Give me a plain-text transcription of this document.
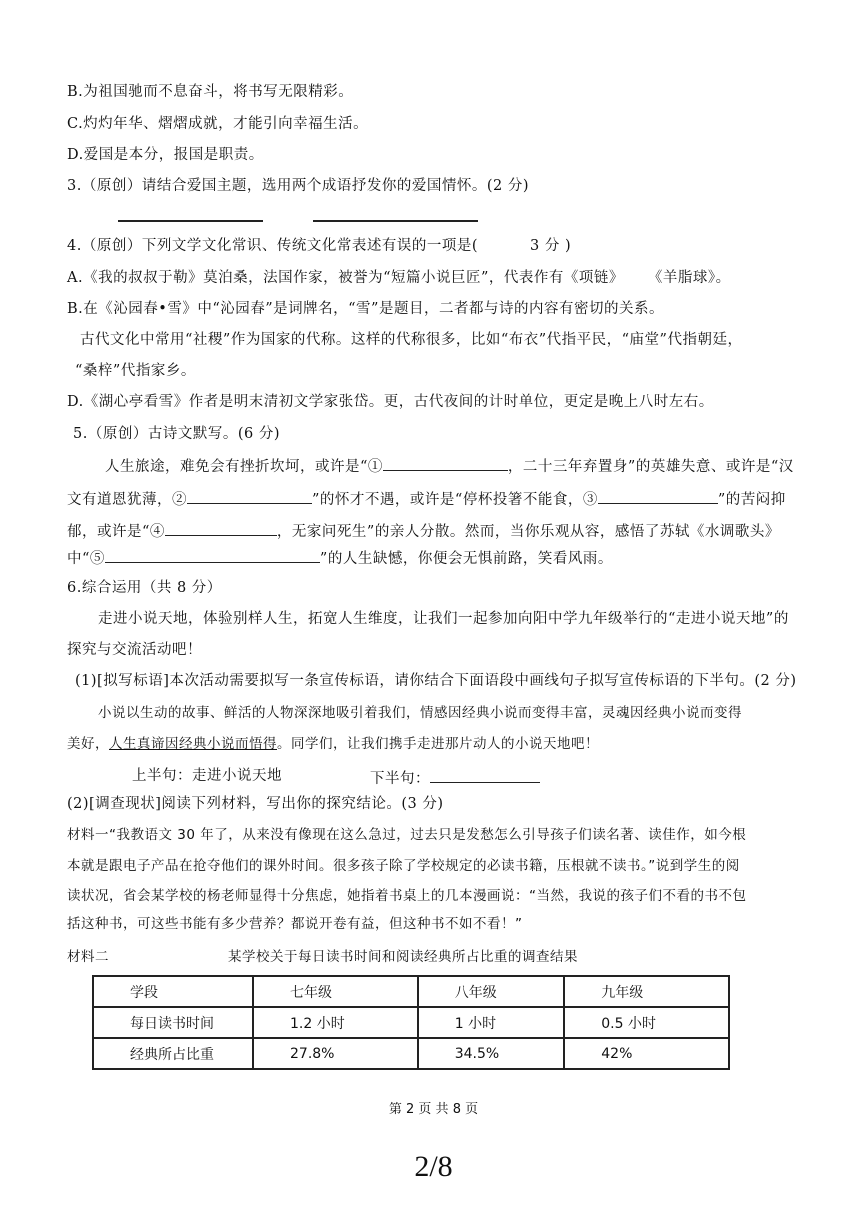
B.为祖国驰而不息奋斗，将书写无限精彩。
C.灼灼年华、熠熠成就，才能引向幸福生活。
D.爱国是本分，报国是职责。
3.（原创）请结合爱国主题，选用两个成语抒发你的爱国情怀。(2 分)
4.（原创）下列文学文化常识、传统文化常表述有误的一项是(	3 分 )
A.《我的叔叔于勒》莫泊桑，法国作家，被誉为“短篇小说巨匠”，代表作有《项链》 《羊脂球》。
B.在《沁园春•雪》中“沁园春”是词牌名，“雪”是题目，二者都与诗的内容有密切的关系。
古代文化中常用“社稷”作为国家的代称。这样的代称很多，比如“布衣”代指平民，“庙堂”代指朝廷，
“桑梓”代指家乡。
D.《湖心亭看雪》作者是明末清初文学家张岱。更，古代夜间的计时单位，更定是晚上八时左右。
5.（原创）古诗文默写。(6 分)
人生旅途，难免会有挫折坎坷，或许是“①	，二十三年弃置身”的英雄失意、或许是“汉
文有道恩犹薄，②	”的怀才不遇，或许是“停杯投箸不能食，③	”的苦闷抑
郁，或许是“④	，无家问死生”的亲人分散。然而，当你乐观从容，感悟了苏轼《水调歌头》
中“⑤	”的人生缺憾，你便会无惧前路，笑看风雨。
6.综合运用（共 8 分）
走进小说天地，体验别样人生，拓宽人生维度，让我们一起参加向阳中学九年级举行的“走进小说天地”的
探究与交流活动吧！
(1)[拟写标语]本次活动需要拟写一条宣传标语，请你结合下面语段中画线句子拟写宣传标语的下半句。(2 分)
小说以生动的故事、鲜活的人物深深地吸引着我们，情感因经典小说而变得丰富，灵魂因经典小说而变得
美好，人生真谛因经典小说而悟得。同学们，让我们携手走进那片动人的小说天地吧！
上半句：走进小说天地	下半句：
(2)[调查现状]阅读下列材料，写出你的探究结论。(3 分)
材料一“我教语文 30 年了，从来没有像现在这么急过，过去只是发愁怎么引导孩子们读名著、读佳作，如今根
本就是跟电子产品在抢夺他们的课外时间。很多孩子除了学校规定的必读书籍，压根就不读书。”说到学生的阅
读状况，省会某学校的杨老师显得十分焦虑，她指着书桌上的几本漫画说：“当然，我说的孩子们不看的书不包
括这种书，可这些书能有多少营养？都说开卷有益，但这种书不如不看！”
材料二	某学校关于每日读书时间和阅读经典所占比重的调查结果
学段	七年级	八年级	九年级
每日读书时间	1.2 小时	1 小时	0.5 小时
经典所占比重	27.8%	34.5%	42%
第 2 页 共 8 页
2/8
